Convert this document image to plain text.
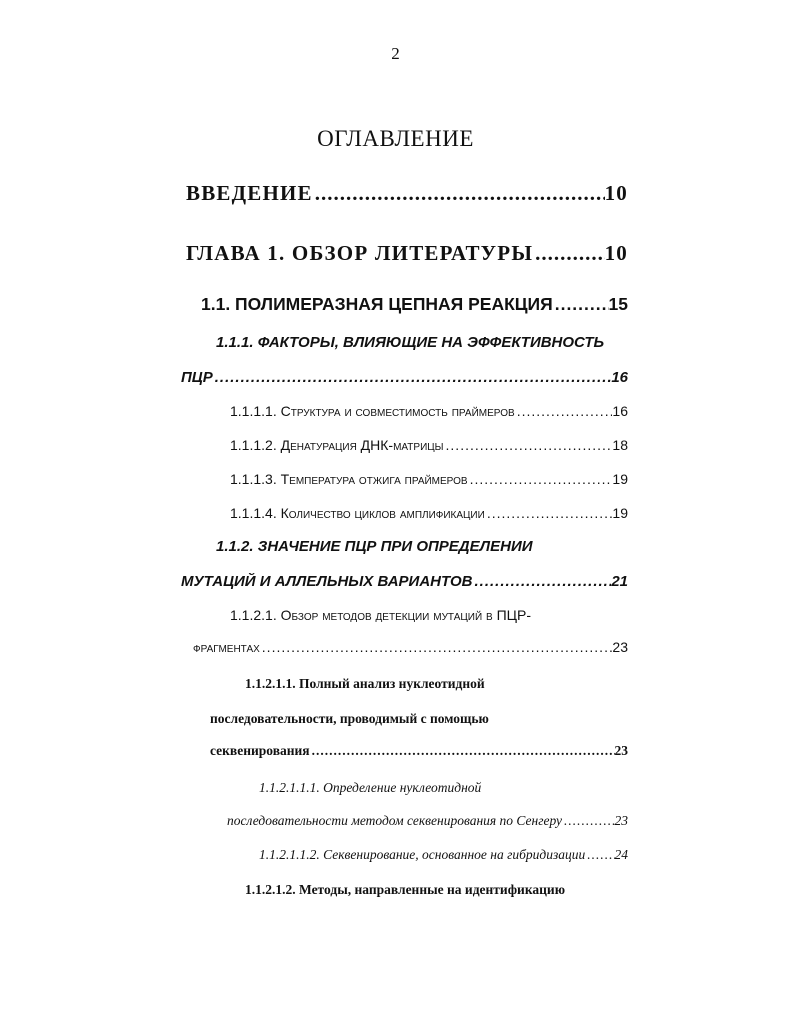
2
ОГЛАВЛЕНИЕ
ВВЕДЕНИЕ .....	10
ГЛАВА 1. ОБЗОР ЛИТЕРАТУРЫ .....	10
1.1. ПОЛИМЕРАЗНАЯ ЦЕПНАЯ РЕАКЦИЯ .....	15
1.1.1. ФАКТОРЫ, ВЛИЯЮЩИЕ НА ЭФФЕКТИВНОСТЬ
ПЦР .....	16
1.1.1.1. Структура и совместимость праймеров .....	16
1.1.1.2. Денатурация ДНК-матрицы .....	18
1.1.1.3. Температура отжига праймеров .....	19
1.1.1.4. Количество циклов амплификации .....	19
1.1.2. ЗНАЧЕНИЕ ПЦР ПРИ ОПРЕДЕЛЕНИИ
МУТАЦИЙ И АЛЛЕЛЬНЫХ ВАРИАНТОВ .....	21
1.1.2.1. Обзор методов детекции мутаций в ПЦР-
фрагментах .....	23
1.1.2.1.1. Полный анализ нуклеотидной
последовательности, проводимый с помощью
секвенирования .....	23
1.1.2.1.1.1. Определение нуклеотидной
последовательности методом секвенирования по Сенгеру .....	23
1.1.2.1.1.2. Секвенирование, основанное на гибридизации ..... 24
1.1.2.1.2. Методы, направленные на идентификацию
